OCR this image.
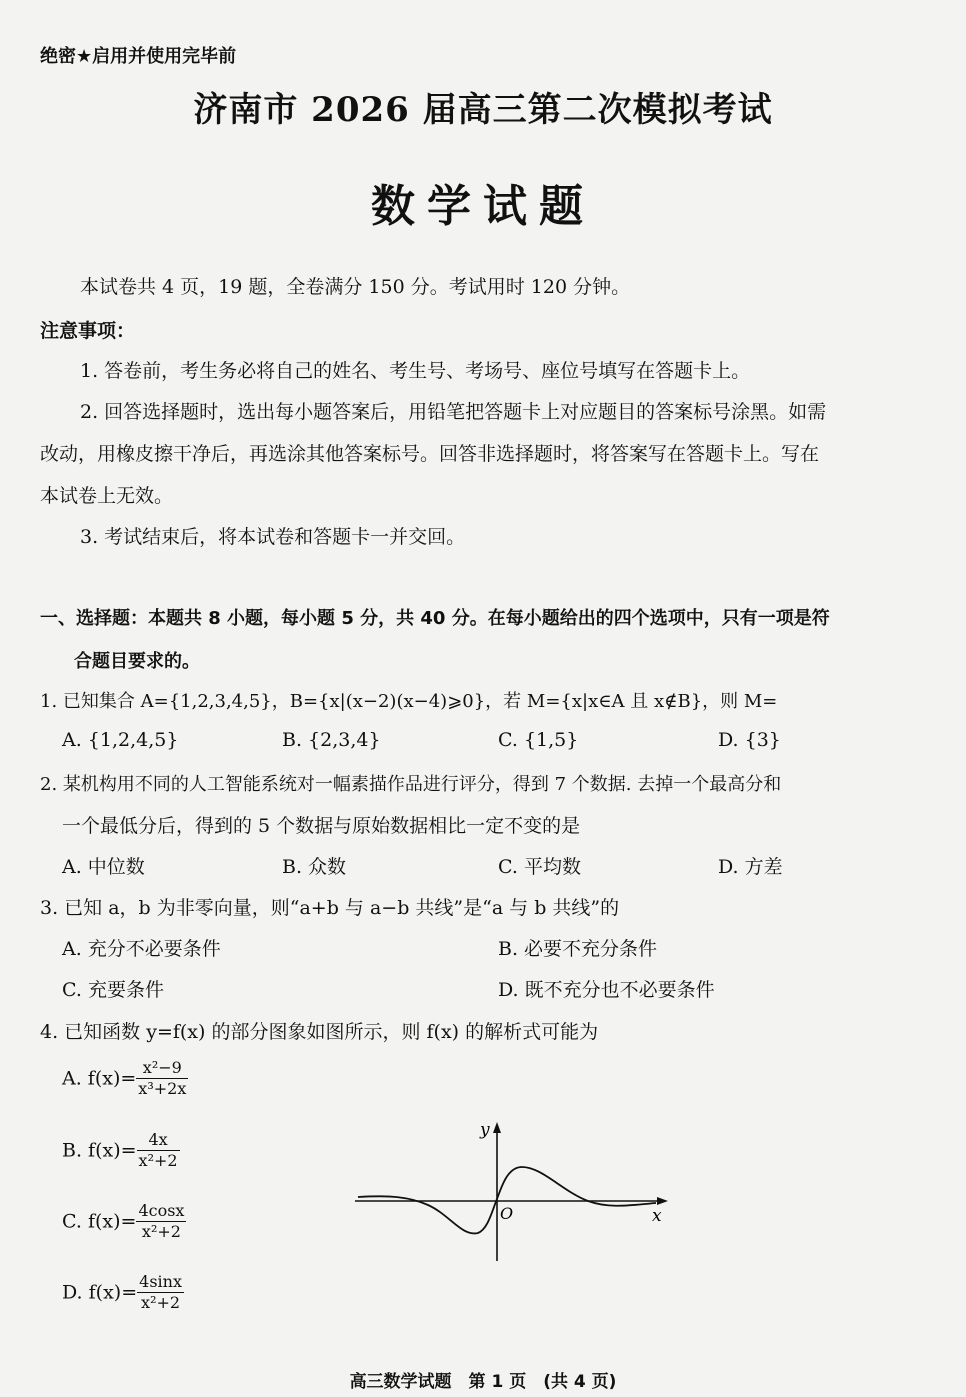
绝密★启用并使用完毕前
济南市 2026 届高三第二次模拟考试
数学试题
本试卷共 4 页，19 题，全卷满分 150 分。考试用时 120 分钟。
注意事项：
1. 答卷前，考生务必将自己的姓名、考生号、考场号、座位号填写在答题卡上。
2. 回答选择题时，选出每小题答案后，用铅笔把答题卡上对应题目的答案标号涂黑。如需
改动，用橡皮擦干净后，再选涂其他答案标号。回答非选择题时，将答案写在答题卡上。写在
本试卷上无效。
3. 考试结束后，将本试卷和答题卡一并交回。
一、选择题：本题共 8 小题，每小题 5 分，共 40 分。在每小题给出的四个选项中，只有一项是符
合题目要求的。
1. 已知集合 A={1,2,3,4,5}，B={x|(x−2)(x−4)⩾0}，若 M={x|x∈A 且 x∉B}，则 M=
A. {1,2,4,5}	B. {2,3,4}	C. {1,5}	D. {3}
2. 某机构用不同的人工智能系统对一幅素描作品进行评分，得到 7 个数据. 去掉一个最高分和
一个最低分后，得到的 5 个数据与原始数据相比一定不变的是
A. 中位数	B. 众数	C. 平均数	D. 方差
3. 已知 a，b 为非零向量，则“a+b 与 a−b 共线”是“a 与 b 共线”的
A. 充分不必要条件	B. 必要不充分条件
C. 充要条件	D. 既不充分也不必要条件
4. 已知函数 y=f(x) 的部分图象如图所示，则 f(x) 的解析式可能为
A. $f(x)= \frac{\text{x²−9}}{\text{x³+2x}}$
B. $f(x)= \frac{4x}{\text{x²+2}}$
C. $f(x)= \frac{4\cos x}{\text{x²+2}}$
D. $f(x)= \frac{4\sin x}{\text{x²+2}}$
y
x
O
高三数学试题　第 1 页　(共 4 页)
